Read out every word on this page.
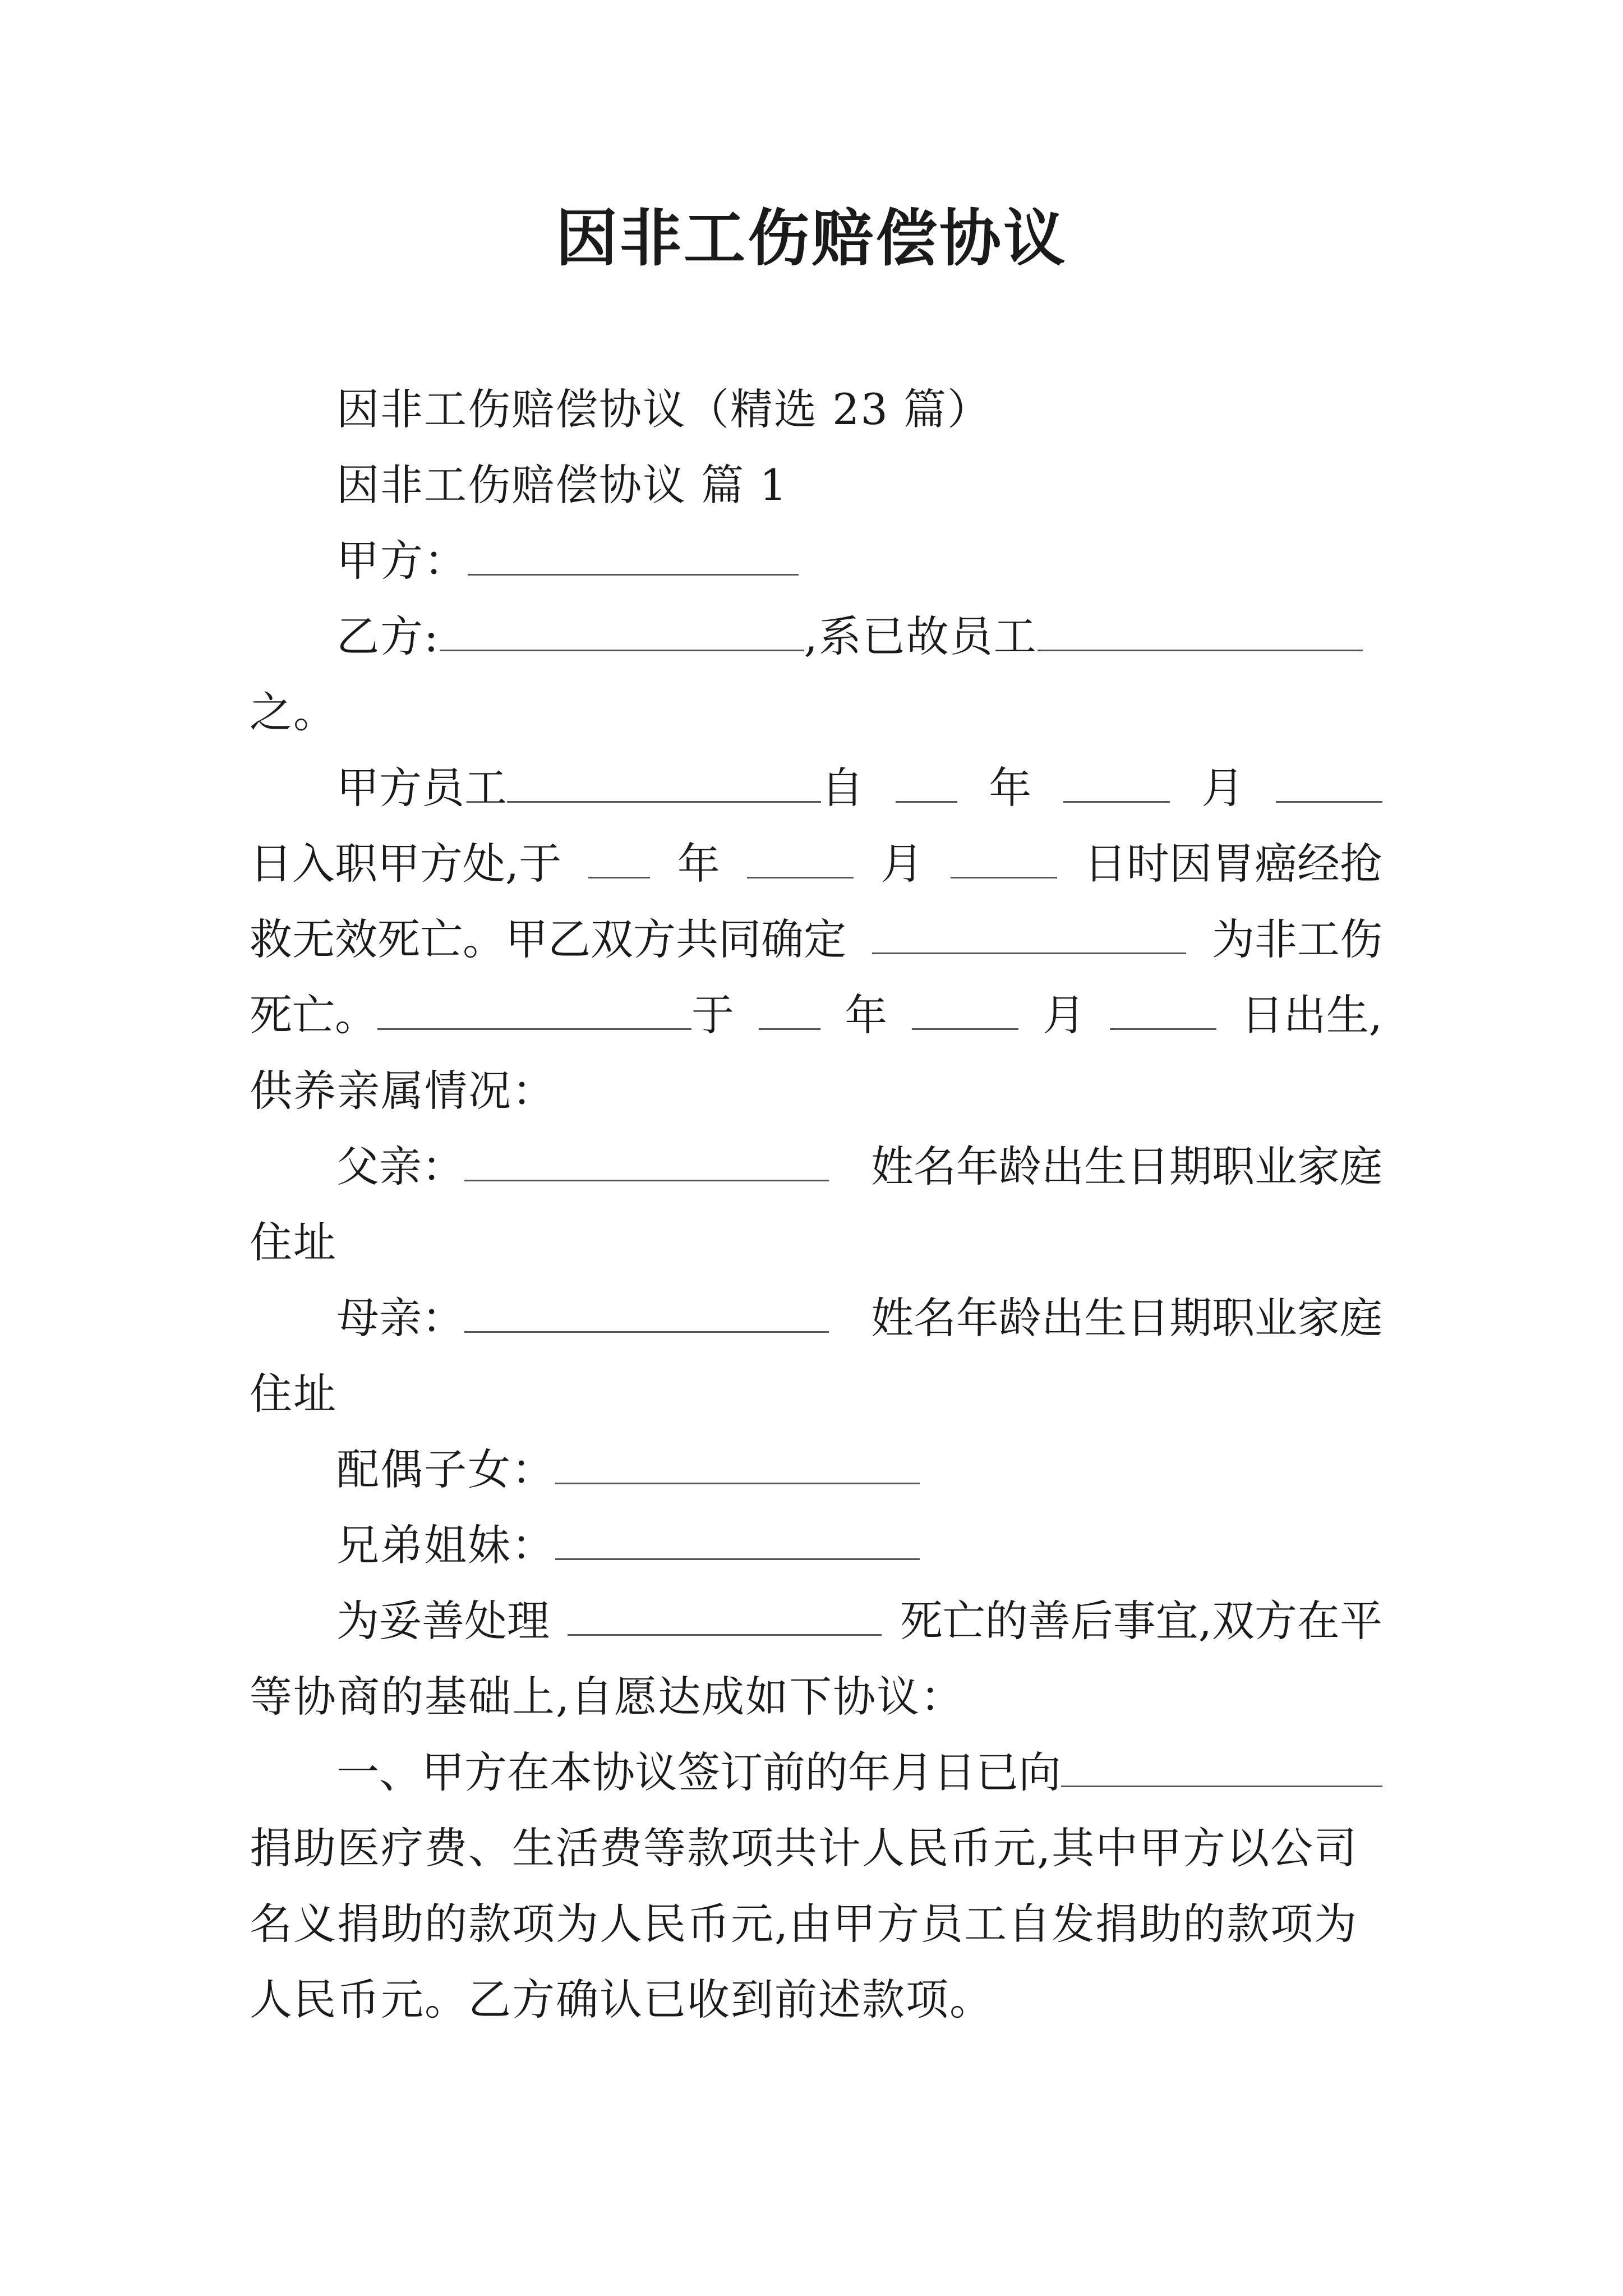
因非工伤赔偿协议
因非工伤赔偿协议（精选 23 篇）
因非工伤赔偿协议 篇 1
甲方：
乙方:	,系已故员工
之。
甲方员工	自	年	月
日入职甲方处,于	年	月	日时因胃癌经抢
救无效死亡。甲乙双方共同确定	为非工伤
死亡。	于	年	月	日出生,
供养亲属情况：
父亲：	姓名年龄出生日期职业家庭
住址
母亲：	姓名年龄出生日期职业家庭
住址
配偶子女：
兄弟姐妹：
为妥善处理	死亡的善后事宜,双方在平
等协商的基础上,自愿达成如下协议：
一、甲方在本协议签订前的年月日已向
捐助医疗费、生活费等款项共计人民币元,其中甲方以公司
名义捐助的款项为人民币元,由甲方员工自发捐助的款项为
人民币元。乙方确认已收到前述款项。
